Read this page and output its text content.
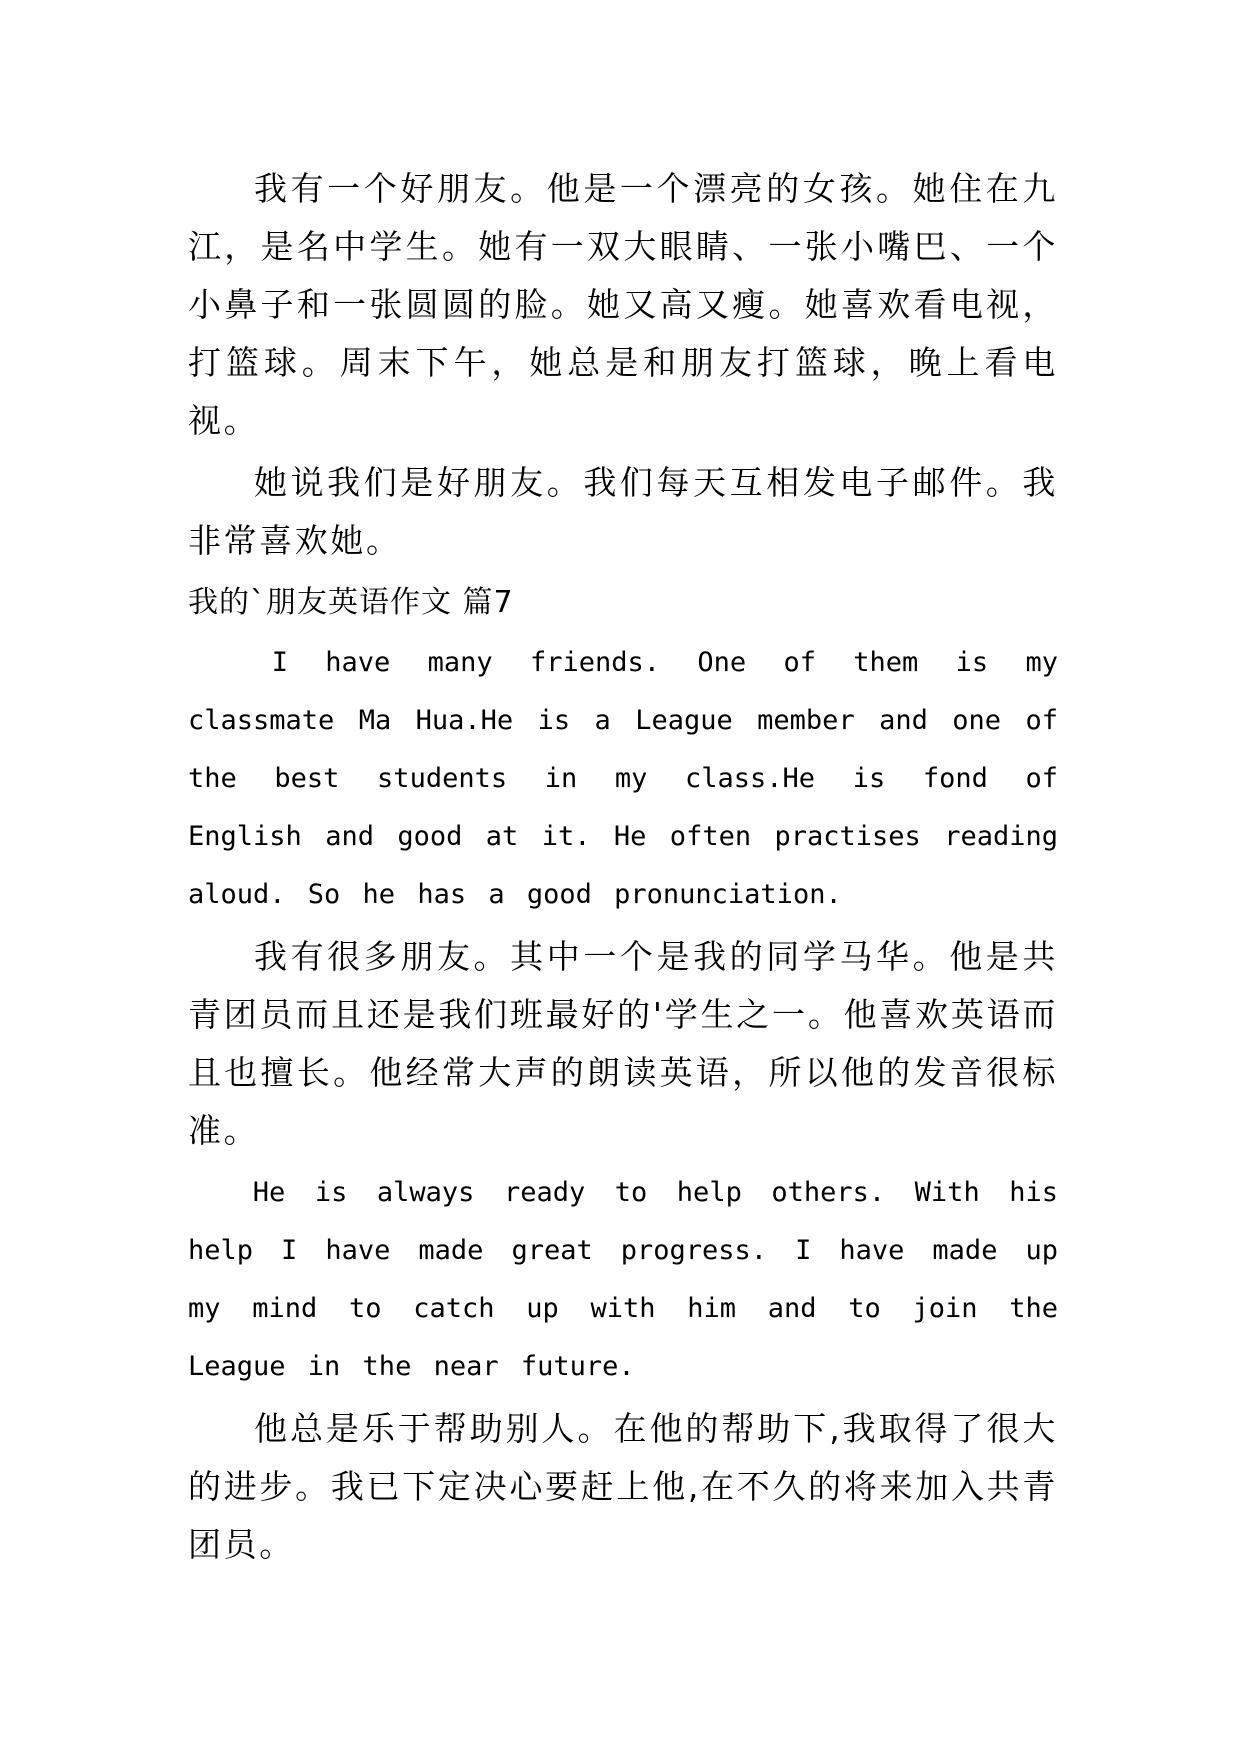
我有一个好朋友。他是一个漂亮的女孩。她住在九江，是名中学生。她有一双大眼睛、一张小嘴巴、一个小鼻子和一张圆圆的脸。她又高又瘦。她喜欢看电视，打篮球。周末下午，她总是和朋友打篮球，晚上看电视。

她说我们是好朋友。我们每天互相发电子邮件。我非常喜欢她。

我的`朋友英语作文 篇7

I have many friends. One of them is my classmate Ma Hua.He is a League member and one of the best students in my class.He is fond of English and good at it. He often practises reading aloud. So he has a good pronunciation.

我有很多朋友。其中一个是我的同学马华。他是共青团员而且还是我们班最好的'学生之一。他喜欢英语而且也擅长。他经常大声的朗读英语，所以他的发音很标准。

He is always ready to help others. With his help I have made great progress. I have made up my mind to catch up with him and to join the League in the near future.

他总是乐于帮助别人。在他的帮助下,我取得了很大的进步。我已下定决心要赶上他,在不久的将来加入共青团员。
